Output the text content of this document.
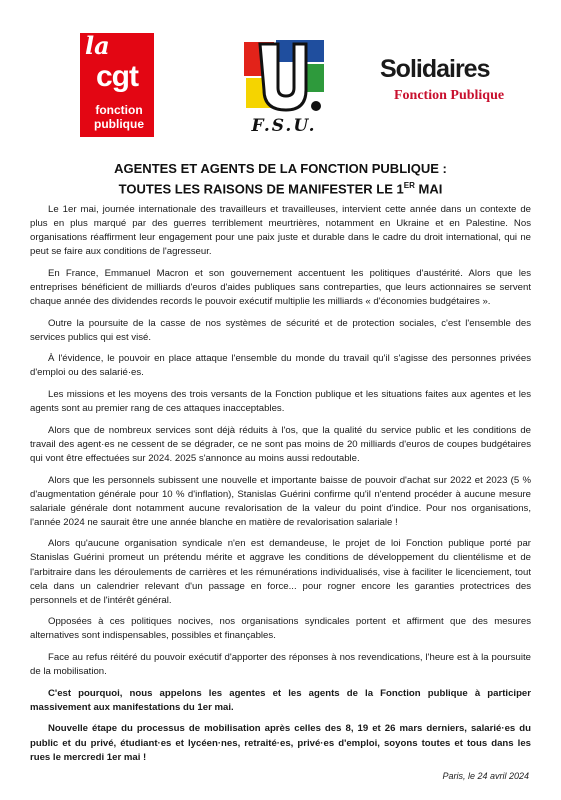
la
cgt
fonction
publique	F.S.U.
Solidaires
Fonction Publique
AGENTES ET AGENTS DE LA FONCTION PUBLIQUE :
TOUTES LES RAISONS DE MANIFESTER LE 1ER MAI

Le 1er mai, journée internationale des travailleurs et travailleuses, intervient cette année dans un contexte de plus en plus marqué par des guerres terriblement meurtrières, notamment en Ukraine et en Palestine. Nos organisations réaffirment leur engagement pour une paix juste et durable dans le cadre du droit international, qui ne peut se faire aux conditions de l'agresseur.

En France, Emmanuel Macron et son gouvernement accentuent les politiques d'austérité. Alors que les entreprises bénéficient de milliards d'euros d'aides publiques sans contreparties, que leurs actionnaires se servent chaque année des dividendes records le pouvoir exécutif multiplie les milliards « d'économies budgétaires ».

Outre la poursuite de la casse de nos systèmes de sécurité et de protection sociales, c'est l'ensemble des services publics qui est visé.

À l'évidence, le pouvoir en place attaque l'ensemble du monde du travail qu'il s'agisse des personnes privées d'emploi ou des salarié·es.

Les missions et les moyens des trois versants de la Fonction publique et les situations faites aux agentes et les agents sont au premier rang de ces attaques inacceptables.

Alors que de nombreux services sont déjà réduits à l'os, que la qualité du service public et les conditions de travail des agent·es ne cessent de se dégrader, ce ne sont pas moins de 20 milliards d'euros de coupes budgétaires qui vont être effectuées sur 2024. 2025 s'annonce au moins aussi redoutable.

Alors que les personnels subissent une nouvelle et importante baisse de pouvoir d'achat sur 2022 et 2023 (5 % d'augmentation générale pour 10 % d'inflation), Stanislas Guérini confirme qu'il n'entend procéder à aucune mesure salariale générale dont notamment aucune revalorisation de la valeur du point d'indice. Pour nos organisations, l'année 2024 ne saurait être une année blanche en matière de revalorisation salariale !

Alors qu'aucune organisation syndicale n'en est demandeuse, le projet de loi Fonction publique porté par Stanislas Guérini promeut un prétendu mérite et aggrave les conditions de développement du clientélisme et de l'arbitraire dans les déroulements de carrières et les rémunérations individualisés, vise à faciliter le licenciement, tout cela dans un calendrier relevant d'un passage en force... pour rogner encore les garanties protectrices des personnels et de l'intérêt général.

Opposées à ces politiques nocives, nos organisations syndicales portent et affirment que des mesures alternatives sont indispensables, possibles et finançables.

Face au refus réitéré du pouvoir exécutif d'apporter des réponses à nos revendications, l'heure est à la poursuite de la mobilisation.

C'est pourquoi, nous appelons les agentes et les agents de la Fonction publique à participer massivement aux manifestations du 1er mai.

Nouvelle étape du processus de mobilisation après celles des 8, 19 et 26 mars derniers, salarié·es du public et du privé, étudiant·es et lycéen·nes, retraité·es, privé·es d'emploi, soyons toutes et tous dans les rues le mercredi 1er mai !

Paris, le 24 avril 2024
